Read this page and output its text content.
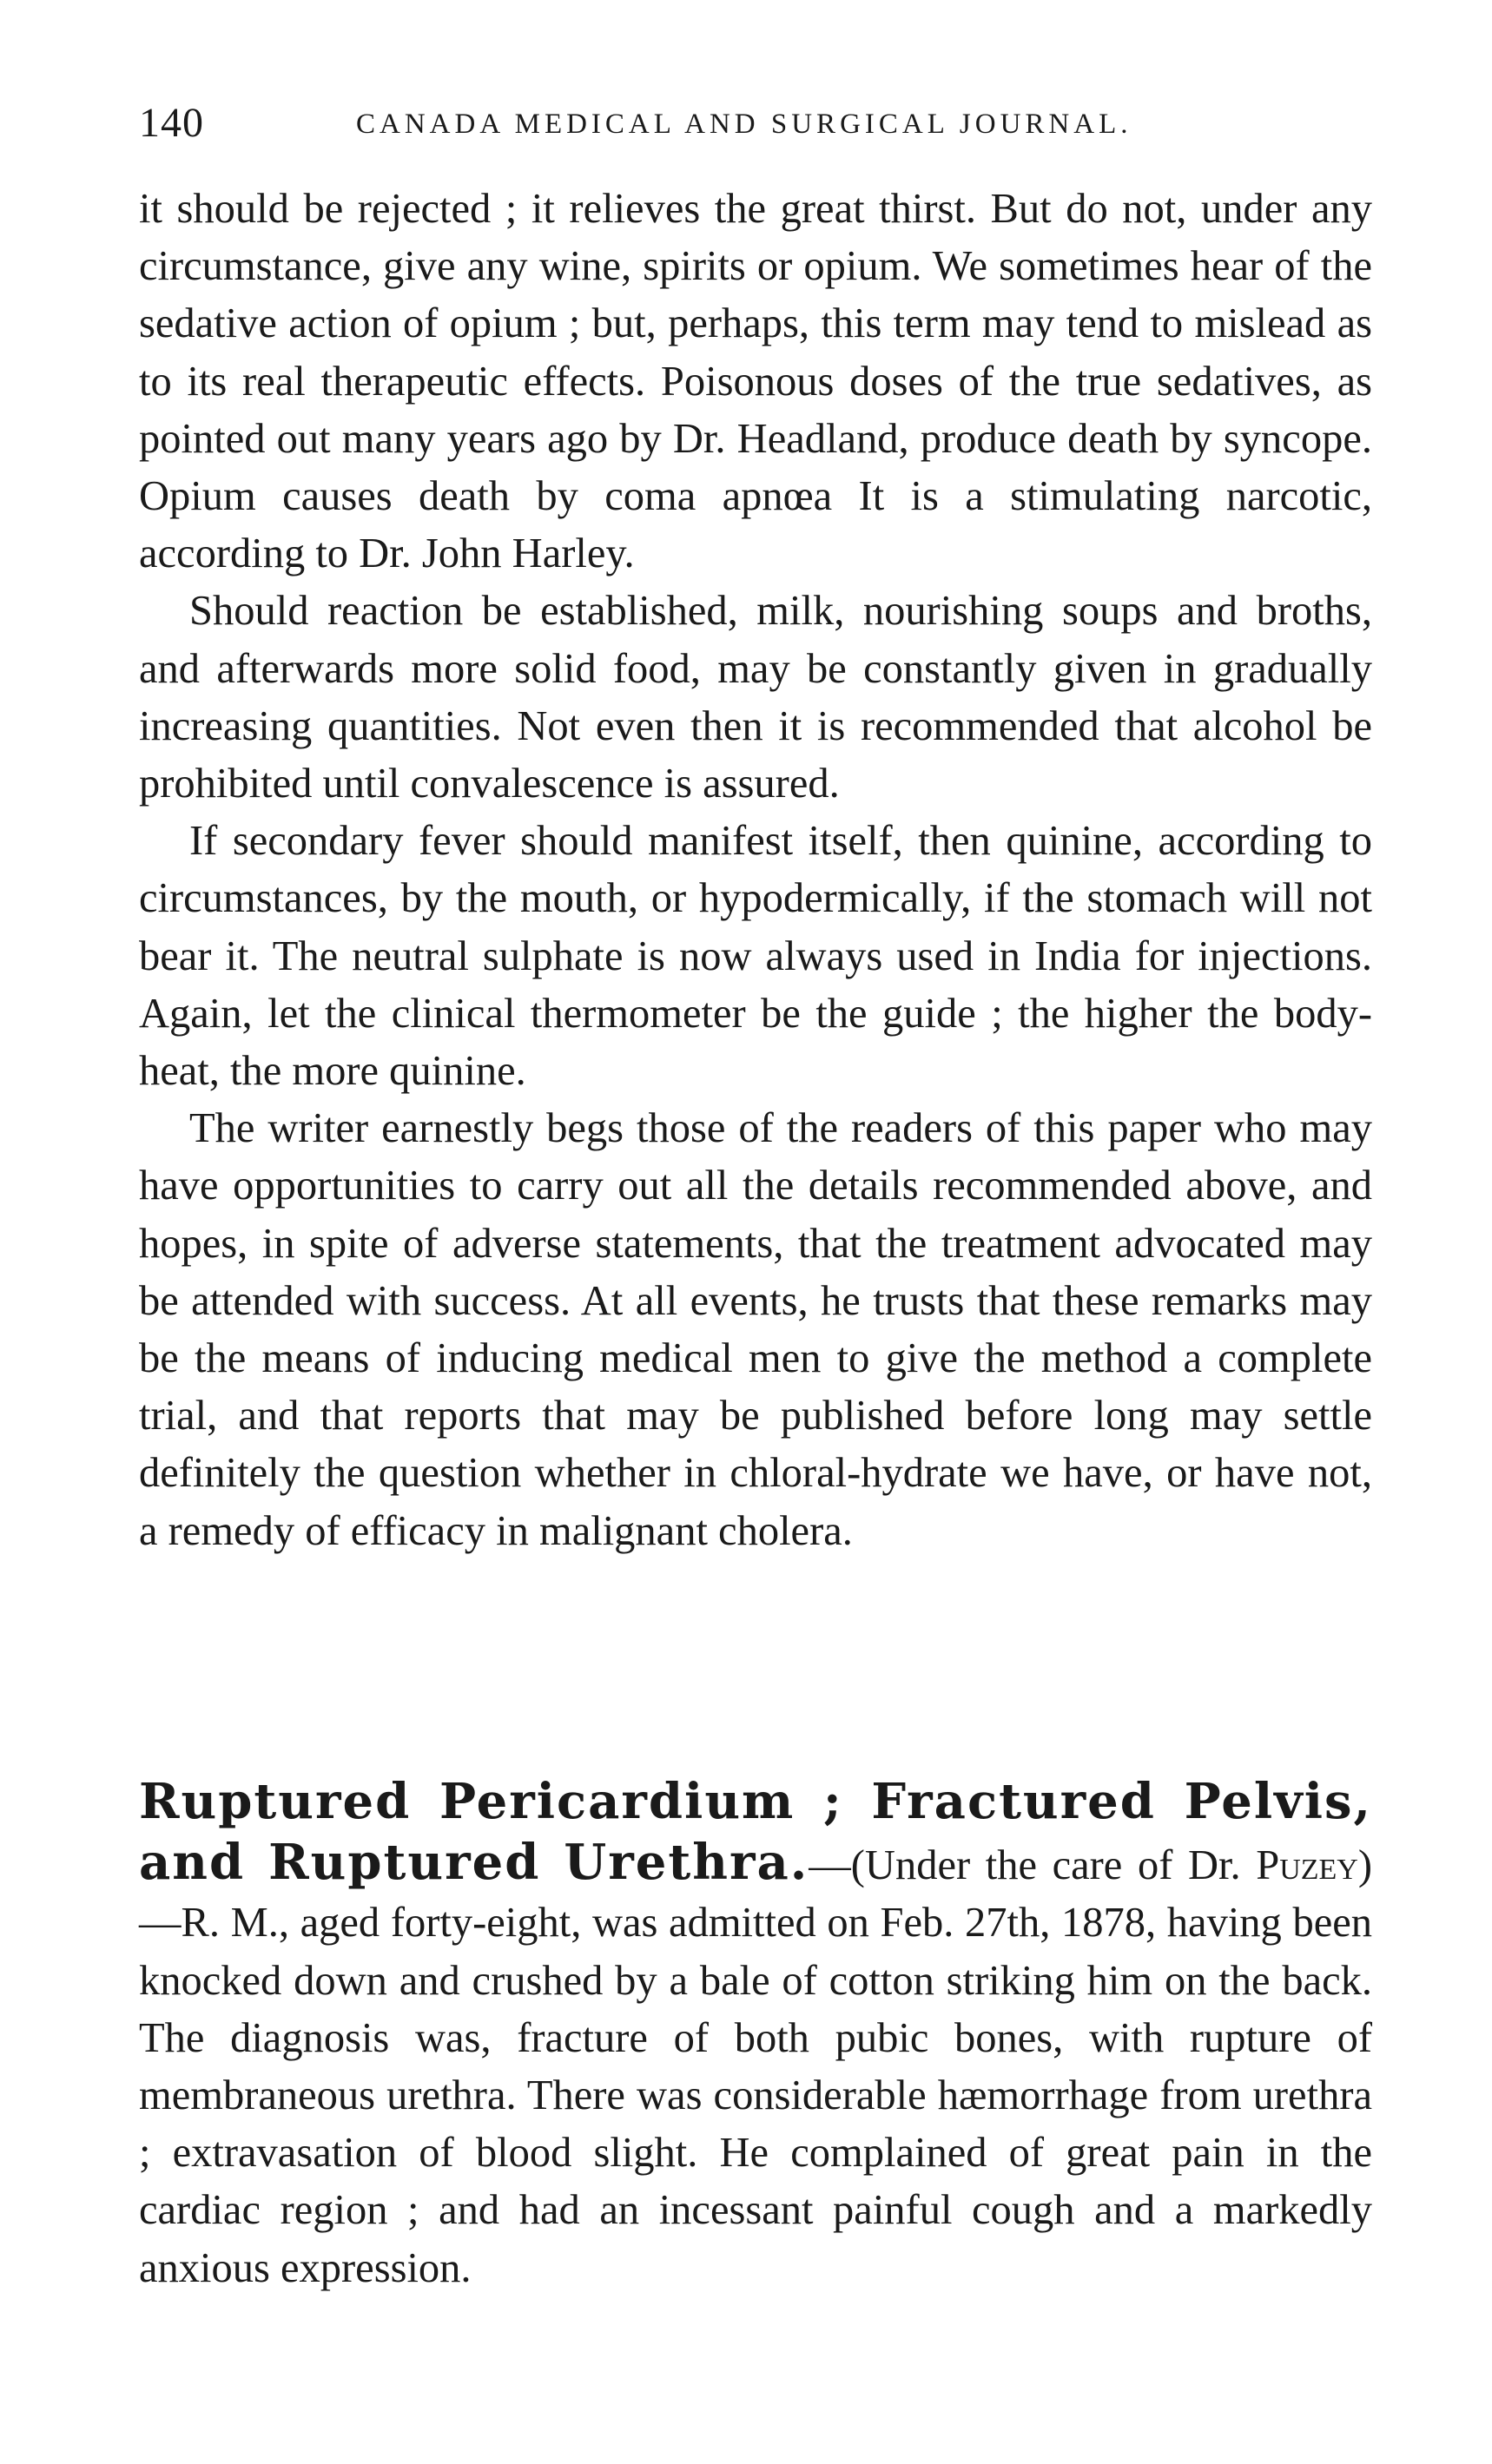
140	CANADA MEDICAL AND SURGICAL JOURNAL.

it should be rejected ; it relieves the great thirst. But do not, under any circumstance, give any wine, spirits or opium. We sometimes hear of the sedative action of opium ; but, perhaps, this term may tend to mislead as to its real therapeutic effects. Poisonous doses of the true sedatives, as pointed out many years ago by Dr. Headland, produce death by syncope. Opium causes death by coma apnœa It is a stimulating narcotic, according to Dr. John Harley.

Should reaction be established, milk, nourishing soups and broths, and afterwards more solid food, may be constantly given in gradually increasing quantities. Not even then it is recommended that alcohol be prohibited until convalescence is assured.

If secondary fever should manifest itself, then quinine, according to circumstances, by the mouth, or hypodermically, if the stomach will not bear it. The neutral sulphate is now always used in India for injections. Again, let the clinical thermometer be the guide ; the higher the body-heat, the more quinine.

The writer earnestly begs those of the readers of this paper who may have opportunities to carry out all the details recommended above, and hopes, in spite of adverse statements, that the treatment advocated may be attended with success. At all events, he trusts that these remarks may be the means of inducing medical men to give the method a complete trial, and that reports that may be published before long may settle definitely the question whether in chloral-hydrate we have, or have not, a remedy of efficacy in malignant cholera.

Ruptured Pericardium ; Fractured Pelvis, and Ruptured Urethra.—(Under the care of Dr. Puzey)—R. M., aged forty-eight, was admitted on Feb. 27th, 1878, having been knocked down and crushed by a bale of cotton striking him on the back. The diagnosis was, fracture of both pubic bones, with rupture of membraneous urethra. There was considerable hæmorrhage from urethra ; extravasation of blood slight. He complained of great pain in the cardiac region ; and had an incessant painful cough and a markedly anxious expression.
